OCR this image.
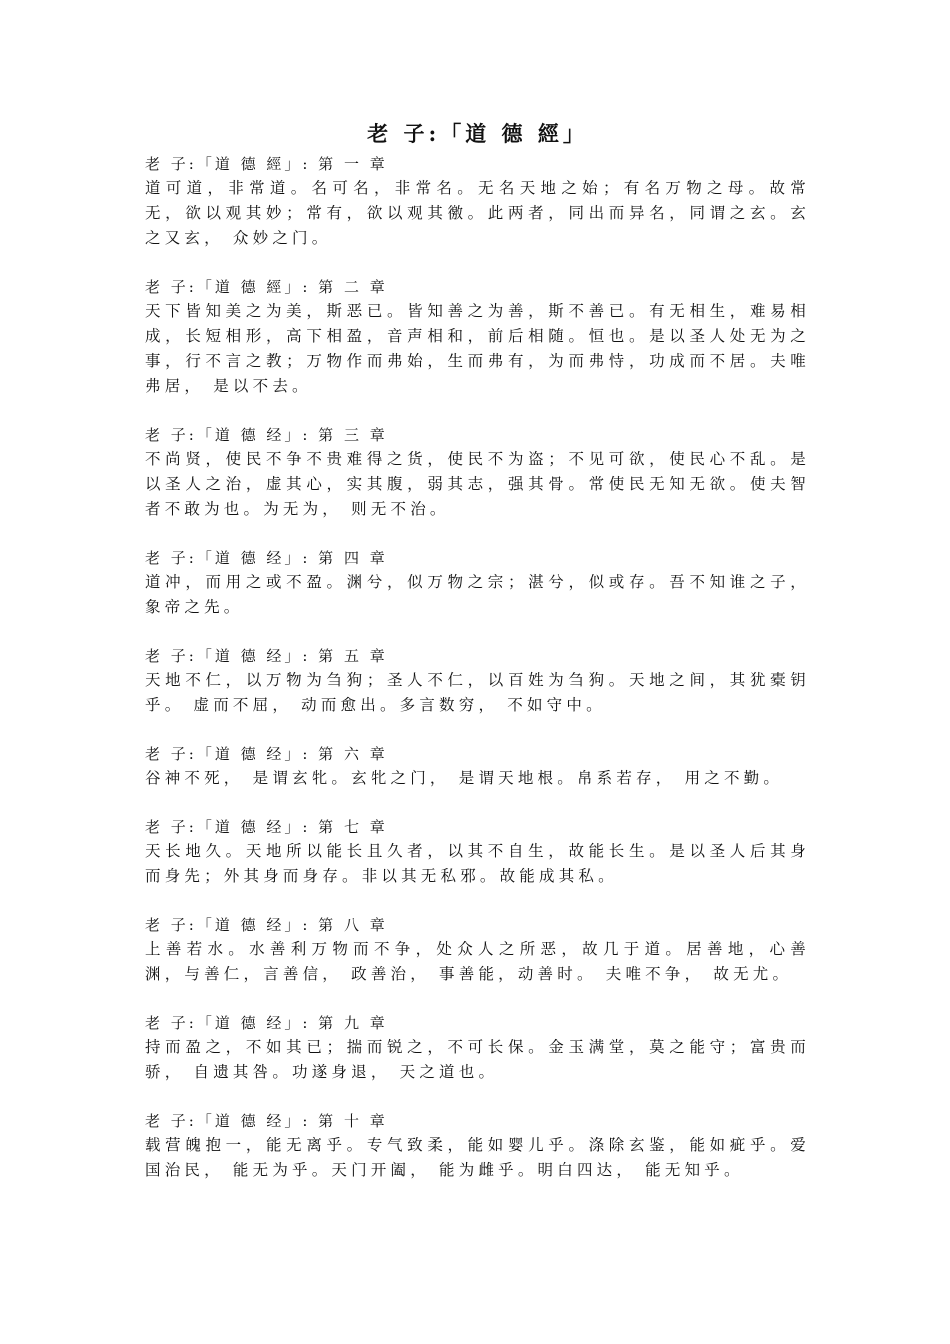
老 子:「道 德 經」
老 子:「道 德 經」: 第 一 章
道可道，非常道。名可名，非常名。无名天地之始；有名万物之母。故常无，欲以观其妙；常有，欲以观其徼。此两者，同出而异名，同谓之玄。玄之又玄， 众妙之门。
老 子:「道 德 經」: 第 二 章
天下皆知美之为美，斯恶已。皆知善之为善，斯不善已。有无相生，难易相成，长短相形，高下相盈，音声相和，前后相随。恒也。是以圣人处无为之事，行不言之教；万物作而弗始，生而弗有，为而弗恃，功成而不居。夫唯弗居， 是以不去。
老 子:「道 德 经」: 第 三 章
不尚贤，使民不争不贵难得之货，使民不为盗；不见可欲，使民心不乱。是以圣人之治，虚其心，实其腹，弱其志，强其骨。常使民无知无欲。使夫智者不敢为也。为无为， 则无不治。
老 子:「道 德 经」: 第 四 章
道冲，而用之或不盈。渊兮，似万物之宗；湛兮，似或存。吾不知谁之子，象帝之先。
老 子:「道 德 经」: 第 五 章
天地不仁，以万物为刍狗；圣人不仁，以百姓为刍狗。天地之间，其犹橐钥乎。 虚而不屈， 动而愈出。多言数穷， 不如守中。
老 子:「道 德 经」: 第 六 章
谷神不死， 是谓玄牝。玄牝之门， 是谓天地根。帛系若存， 用之不勤。
老 子:「道 德 经」: 第 七 章
天长地久。天地所以能长且久者，以其不自生，故能长生。是以圣人后其身而身先；外其身而身存。非以其无私邪。故能成其私。
老 子:「道 德 经」: 第 八 章
上善若水。水善利万物而不争，处众人之所恶，故几于道。居善地，心善渊，与善仁，言善信， 政善治， 事善能，动善时。 夫唯不争， 故无尤。
老 子:「道 德 经」: 第 九 章
持而盈之，不如其已；揣而锐之，不可长保。金玉满堂，莫之能守；富贵而骄， 自遗其咎。功遂身退， 天之道也。
老 子:「道 德 经」: 第 十 章
载营魄抱一，能无离乎。专气致柔，能如婴儿乎。涤除玄鉴，能如疵乎。爱国治民， 能无为乎。天门开阖， 能为雌乎。明白四达， 能无知乎。
